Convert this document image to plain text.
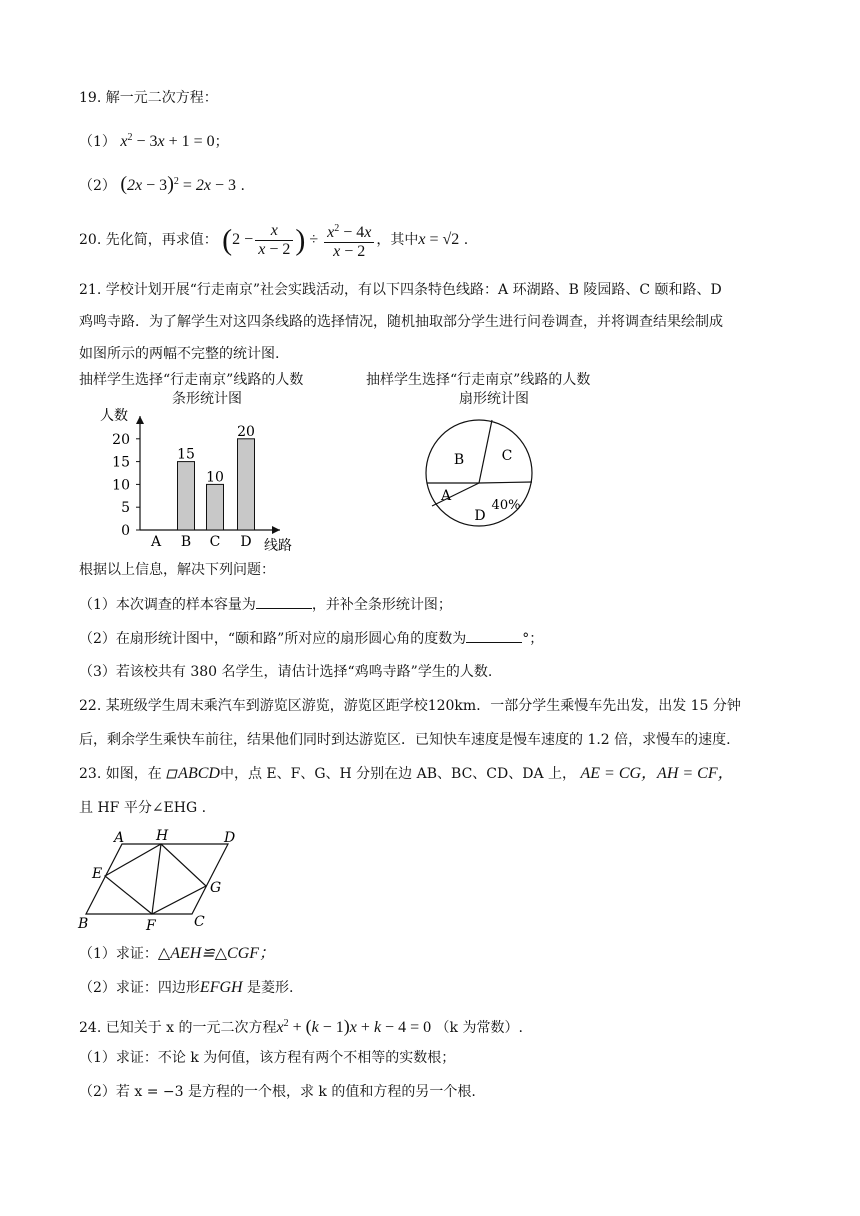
19. 解一元二次方程：
（1） $x^2 - 3x + 1 = 0$；
（2） $(2x - 3)^2 = 2x - 3$ .
20. 先化简，再求值： ($2 - \frac{x}{x - 2}$ ) ÷ $\frac{x^2 - 4x}{x - 2}$ ，其中x = √2 .
21. 学校计划开展“行走南京”社会实践活动，有以下四条特色线路：A 环湖路、B 陵园路、C 颐和路、D
鸡鸣寺路．为了解学生对这四条线路的选择情况，随机抽取部分学生进行问卷调查，并将调查结果绘制成
如图所示的两幅不完整的统计图.
抽样学生选择“行走南京”线路的人数
条形统计图
抽样学生选择“行走南京”线路的人数
扇形统计图
人数
线路
0
5
10
15
20
A B
15
C
10
D
20
B	C
A
D
40%
根据以上信息，解决下列问题：
（1）本次调查的样本容量为	，并补全条形统计图；
（2）在扇形统计图中，“颐和路”所对应的扇形圆心角的度数为	°；
（3）若该校共有 380 名学生，请估计选择“鸡鸣寺路”学生的人数.
22. 某班级学生周末乘汽车到游览区游览，游览区距学校120km．一部分学生乘慢车先出发，出发 15 分钟
后，剩余学生乘快车前往，结果他们同时到达游览区．已知快车速度是慢车速度的 1.2 倍，求慢车的速度.
23. 如图，在 ABCD中，点 E、F、G、H 分别在边 AB、BC、CD、DA 上， AE = CG，AH = CF，
且 HF 平分∠EHG .
A H	D
E
G
B	F	C
（1）求证：△AEH≌△CGF；
（2）求证：四边形EFGH 是菱形.
24. 已知关于 x 的一元二次方程$x^2 + (k - 1)x + k - 4 = 0$ （k 为常数）.
（1）求证：不论 k 为何值，该方程有两个不相等的实数根；
（2）若 x = −3 是方程的一个根，求 k 的值和方程的另一个根.
